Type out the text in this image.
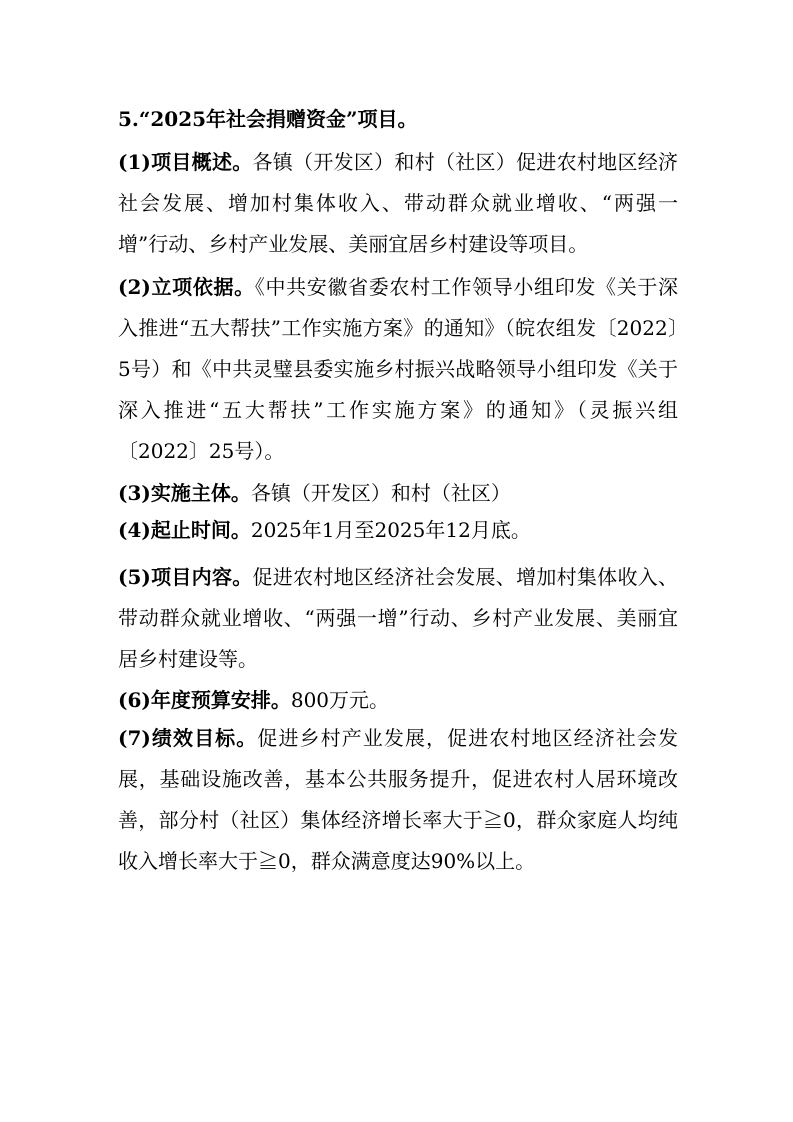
5.“2025年社会捐赠资金”项目。
(1)项目概述。各镇（开发区）和村（社区）促进农村地区经济社会发展、增加村集体收入、带动群众就业增收、“两强一增”行动、乡村产业发展、美丽宜居乡村建设等项目。
(2)立项依据。《中共安徽省委农村工作领导小组印发《关于深入推进“五大帮扶”工作实施方案》的通知》（皖农组发〔2022〕5号）和《中共灵璧县委实施乡村振兴战略领导小组印发《关于深入推进“五大帮扶”工作实施方案》的通知》（灵振兴组〔2022〕25号）。
(3)实施主体。各镇（开发区）和村（社区）
(4)起止时间。2025年1月至2025年12月底。
(5)项目内容。促进农村地区经济社会发展、增加村集体收入、带动群众就业增收、“两强一增”行动、乡村产业发展、美丽宜居乡村建设等。
(6)年度预算安排。800万元。
(7)绩效目标。促进乡村产业发展，促进农村地区经济社会发展，基础设施改善，基本公共服务提升，促进农村人居环境改善，部分村（社区）集体经济增长率大于≧0，群众家庭人均纯收入增长率大于≧0，群众满意度达90%以上。
